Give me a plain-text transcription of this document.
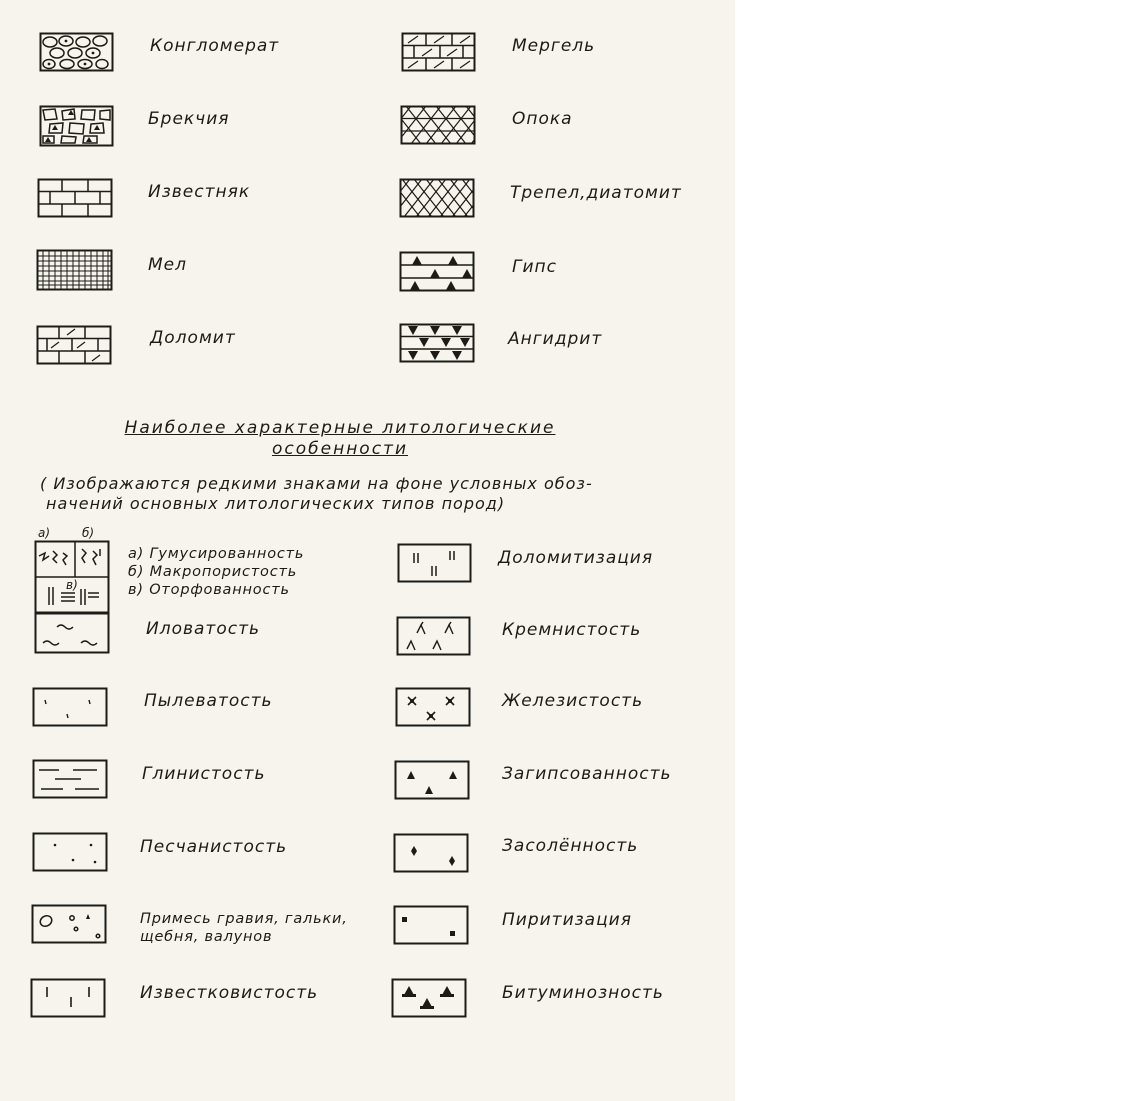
Конгломерат
Брекчия
Известняк
Мел
Доломит
Мергель
Опока
Трепел,диатомит
Гипс
Ангидрит
Наиболее характерные литологические
особенности
( Изображаются редкими знаками на фоне условных обоз-
начений основных литологических типов пород)
а)	б)
в)
а) Гумусированность
б) Макропористость
в) Оторфованность
Иловатость
Пылеватость
Глинистость
Песчанистость
Примесь гравия, гальки,
щебня, валунов
Известковистость
Доломитизация
Кремнистость
Железистость
Загипсованность
Засолённость
Пиритизация
Битуминозность
